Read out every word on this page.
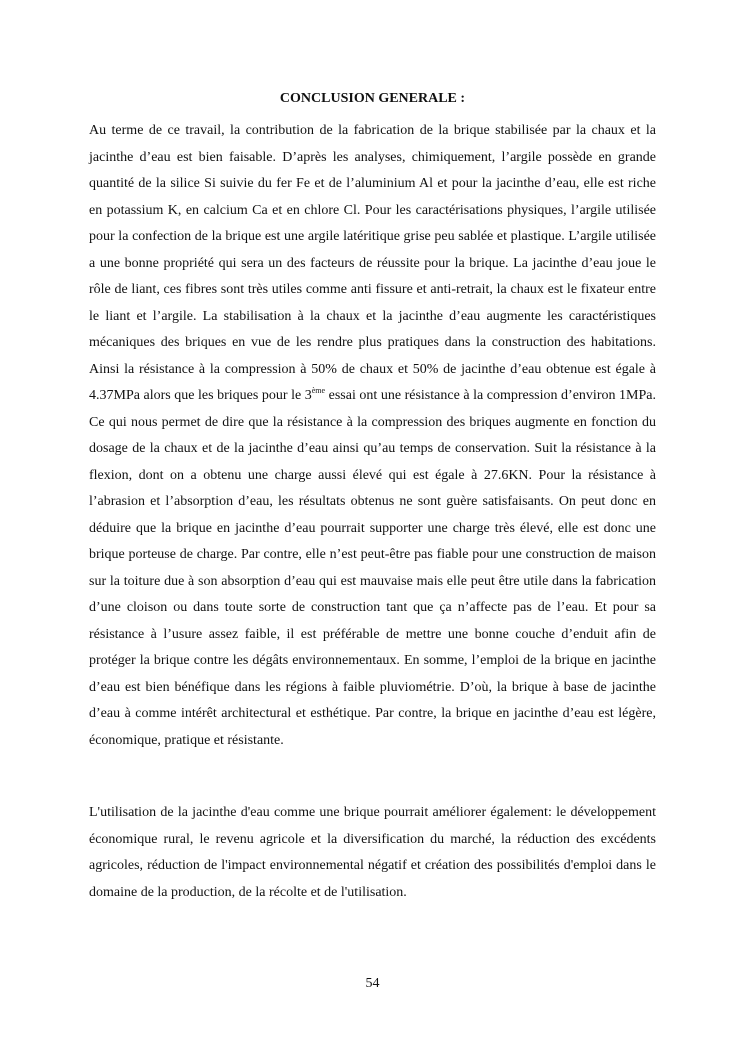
CONCLUSION GENERALE :

Au terme de ce travail, la contribution de la fabrication de la brique stabilisée par la chaux et la jacinthe d’eau est bien faisable. D’après les analyses, chimiquement, l’argile possède en grande quantité de la silice Si suivie du fer Fe et de l’aluminium Al et pour la jacinthe d’eau, elle est riche en potassium K, en calcium Ca et en chlore Cl. Pour les caractérisations physiques, l’argile utilisée pour la confection de la brique est une argile latéritique grise peu sablée et plastique. L’argile utilisée a une bonne propriété qui sera un des facteurs de réussite pour la brique. La jacinthe d’eau joue le rôle de liant, ces fibres sont très utiles comme anti fissure et anti-retrait, la chaux est le fixateur entre le liant et l’argile. La stabilisation à la chaux et la jacinthe d’eau augmente les caractéristiques mécaniques des briques en vue de les rendre plus pratiques dans la construction des habitations. Ainsi la résistance à la compression à 50% de chaux et 50% de jacinthe d’eau obtenue est égale à 4.37MPa alors que les briques pour le 3ème essai ont une résistance à la compression d’environ 1MPa. Ce qui nous permet de dire que la résistance à la compression des briques augmente en fonction du dosage de la chaux et de la jacinthe d’eau ainsi qu’au temps de conservation. Suit la résistance à la flexion, dont on a obtenu une charge aussi élevé qui est égale à 27.6KN. Pour la résistance à l’abrasion et l’absorption d’eau, les résultats obtenus ne sont guère satisfaisants. On peut donc en déduire que la brique en jacinthe d’eau pourrait supporter une charge très élevé, elle est donc une brique porteuse de charge. Par contre, elle n’est peut-être pas fiable pour une construction de maison sur la toiture due à son absorption d’eau qui est mauvaise mais elle peut être utile dans la fabrication d’une cloison ou dans toute sorte de construction tant que ça n’affecte pas de l’eau. Et pour sa résistance à l’usure assez faible, il est préférable de mettre une bonne couche d’enduit afin de protéger la brique contre les dégâts environnementaux. En somme, l’emploi de la brique en jacinthe d’eau est bien bénéfique dans les régions à faible pluviométrie. D’où, la brique à base de jacinthe d’eau à comme intérêt architectural et esthétique. Par contre, la brique en jacinthe d’eau est légère, économique, pratique et résistante.

L'utilisation de la jacinthe d'eau comme une brique pourrait améliorer également: le développement économique rural, le revenu agricole et la diversification du marché, la réduction des excédents agricoles, réduction de l'impact environnemental négatif et création des possibilités d'emploi dans le domaine de la production, de la récolte et de l'utilisation.

54
